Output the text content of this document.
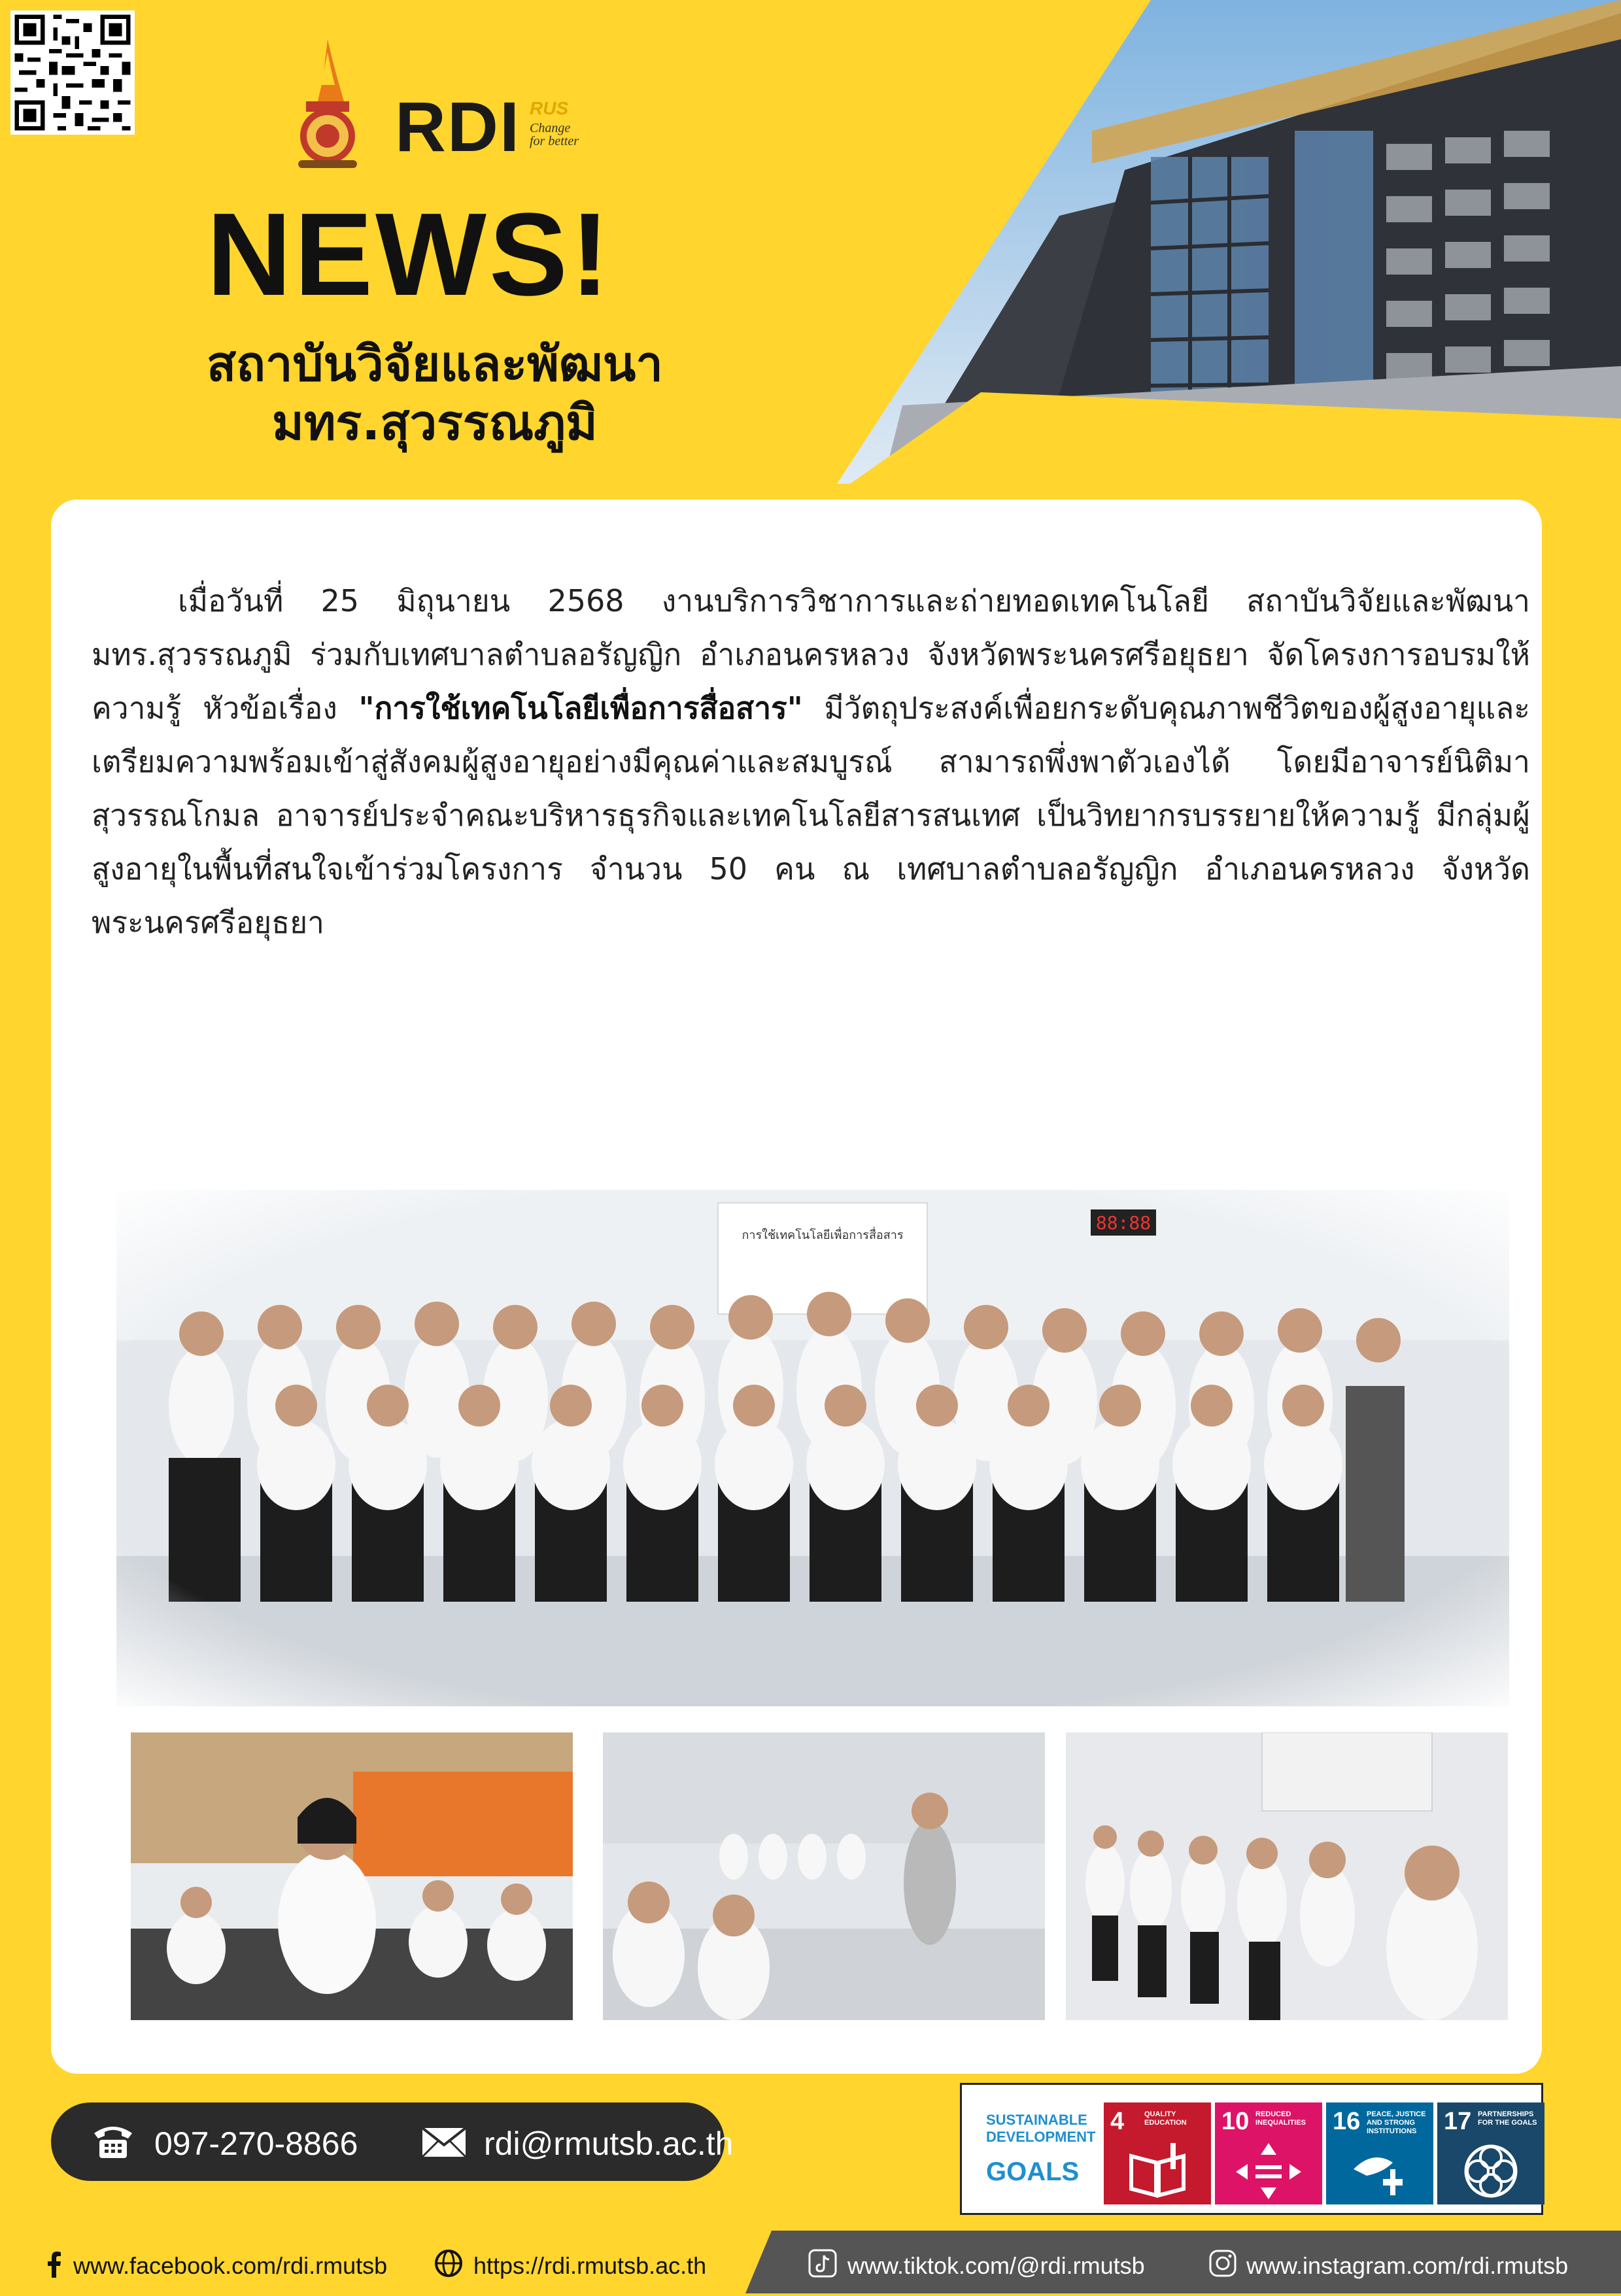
RDI RUS
Change
for better
NEWS!
สถาบันวิจัยและพัฒนา
มทร.สุวรรณภูมิ

เมื่อวันที่ 25 มิถุนายน 2568 งานบริการวิชาการและถ่ายทอดเทคโนโลยี สถาบันวิจัยและพัฒนา มทร.สุวรรณภูมิ ร่วมกับเทศบาลตำบลอรัญญิก อำเภอนครหลวง จังหวัดพระนครศรีอยุธยา จัดโครงการอบรมให้ความรู้ หัวข้อเรื่อง "การใช้เทคโนโลยีเพื่อการสื่อสาร" มีวัตถุประสงค์เพื่อยกระดับคุณภาพชีวิตของผู้สูงอายุและเตรียมความพร้อมเข้าสู่สังคมผู้สูงอายุอย่างมีคุณค่าและสมบูรณ์ สามารถพึ่งพาตัวเองได้ โดยมีอาจารย์นิติมา สุวรรณโกมล อาจารย์ประจำคณะบริหารธุรกิจและเทคโนโลยีสารสนเทศ เป็นวิทยากรบรรยายให้ความรู้ มีกลุ่มผู้สูงอายุในพื้นที่สนใจเข้าร่วมโครงการ จำนวน 50 คน ณ เทศบาลตำบลอรัญญิก อำเภอนครหลวง จังหวัดพระนครศรีอยุธยา

097-270-8866	rdi@rmutsb.ac.th
SUSTAINABLE DEVELOPMENT
GOALS
4	QUALITY EDUCATION	10 REDUCED INEQUALITIES	16 PEACE, JUSTICE AND STRONG INSTITUTIONS	17 PARTNERSHIPS FOR THE GOALS
www.facebook.com/rdi.rmutsb	https://rdi.rmutsb.ac.th	www.tiktok.com/@rdi.rmutsb	www.instagram.com/rdi.rmutsb
